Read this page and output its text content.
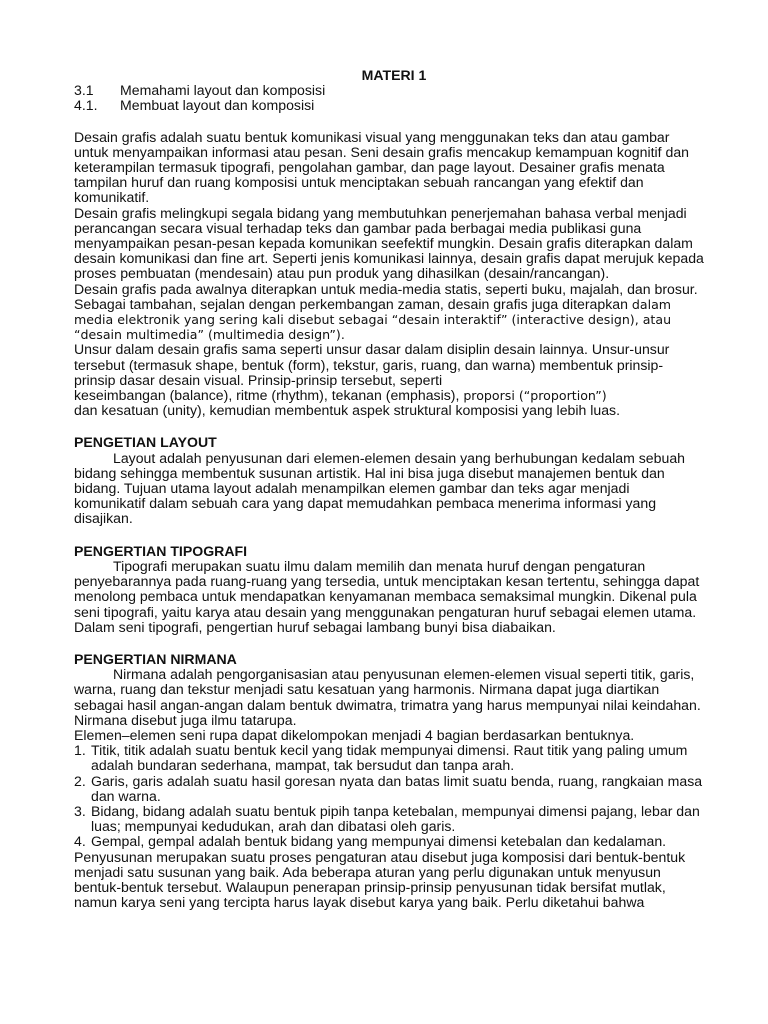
MATERI 1

3.1	Memahami layout dan komposisi
4.1.	Membuat layout dan komposisi

Desain grafis adalah suatu bentuk komunikasi visual yang menggunakan teks dan atau gambar untuk menyampaikan informasi atau pesan. Seni desain grafis mencakup kemampuan kognitif dan keterampilan termasuk tipografi, pengolahan gambar, dan page layout. Desainer grafis menata tampilan huruf dan ruang komposisi untuk menciptakan sebuah rancangan yang efektif dan komunikatif.

Desain grafis melingkupi segala bidang yang membutuhkan penerjemahan bahasa verbal menjadi perancangan secara visual terhadap teks dan gambar pada berbagai media publikasi guna menyampaikan pesan-pesan kepada komunikan seefektif mungkin. Desain grafis diterapkan dalam desain komunikasi dan fine art. Seperti jenis komunikasi lainnya, desain grafis dapat merujuk kepada proses pembuatan (mendesain) atau pun produk yang dihasilkan (desain/rancangan).

Desain grafis pada awalnya diterapkan untuk media-media statis, seperti buku, majalah, dan brosur. Sebagai tambahan, sejalan dengan perkembangan zaman, desain grafis juga diterapkan dalam media elektronik yang sering kali disebut sebagai “desain interaktif” (interactive design), atau “desain multimedia” (multimedia design”).

Unsur dalam desain grafis sama seperti unsur dasar dalam disiplin desain lainnya. Unsur-unsur tersebut (termasuk shape, bentuk (form), tekstur, garis, ruang, dan warna) membentuk prinsip-prinsip dasar desain visual. Prinsip-prinsip tersebut, seperti

keseimbangan (balance), ritme (rhythm), tekanan (emphasis), proporsi (“proportion”)

dan kesatuan (unity), kemudian membentuk aspek struktural komposisi yang lebih luas.

PENGETIAN LAYOUT

Layout adalah penyusunan dari elemen-elemen desain yang berhubungan kedalam sebuah bidang sehingga membentuk susunan artistik. Hal ini bisa juga disebut manajemen bentuk dan bidang. Tujuan utama layout adalah menampilkan elemen gambar dan teks agar menjadi komunikatif dalam sebuah cara yang dapat memudahkan pembaca menerima informasi yang disajikan.

PENGERTIAN TIPOGRAFI

Tipografi merupakan suatu ilmu dalam memilih dan menata huruf dengan pengaturan penyebarannya pada ruang-ruang yang tersedia, untuk menciptakan kesan tertentu, sehingga dapat menolong pembaca untuk mendapatkan kenyamanan membaca semaksimal mungkin. Dikenal pula seni tipografi, yaitu karya atau desain yang menggunakan pengaturan huruf sebagai elemen utama. Dalam seni tipografi, pengertian huruf sebagai lambang bunyi bisa diabaikan.

PENGERTIAN NIRMANA

Nirmana adalah pengorganisasian atau penyusunan elemen-elemen visual seperti titik, garis, warna, ruang dan tekstur menjadi satu kesatuan yang harmonis. Nirmana dapat juga diartikan sebagai hasil angan-angan dalam bentuk dwimatra, trimatra yang harus mempunyai nilai keindahan. Nirmana disebut juga ilmu tatarupa.

Elemen–elemen seni rupa dapat dikelompokan menjadi 4 bagian berdasarkan bentuknya.

1. Titik, titik adalah suatu bentuk kecil yang tidak mempunyai dimensi. Raut titik yang paling umum adalah bundaran sederhana, mampat, tak bersudut dan tanpa arah.
2. Garis, garis adalah suatu hasil goresan nyata dan batas limit suatu benda, ruang, rangkaian masa dan warna.
3. Bidang, bidang adalah suatu bentuk pipih tanpa ketebalan, mempunyai dimensi pajang, lebar dan luas; mempunyai kedudukan, arah dan dibatasi oleh garis.
4. Gempal, gempal adalah bentuk bidang yang mempunyai dimensi ketebalan dan kedalaman.

Penyusunan merupakan suatu proses pengaturan atau disebut juga komposisi dari bentuk-bentuk menjadi satu susunan yang baik. Ada beberapa aturan yang perlu digunakan untuk menyusun bentuk-bentuk tersebut. Walaupun penerapan prinsip-prinsip penyusunan tidak bersifat mutlak, namun karya seni yang tercipta harus layak disebut karya yang baik. Perlu diketahui bahwa
